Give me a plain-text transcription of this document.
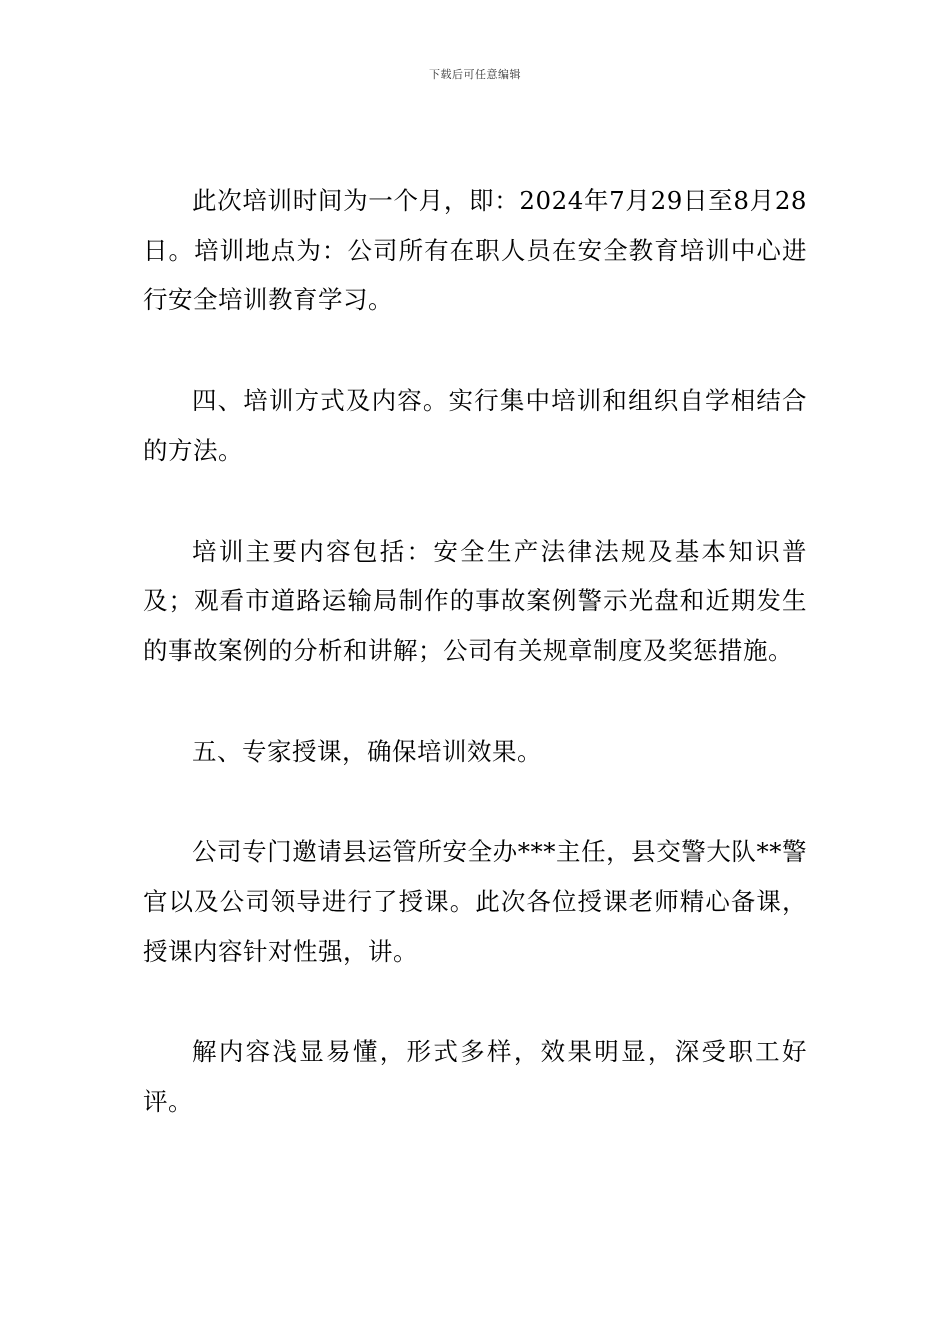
下载后可任意编辑

此次培训时间为一个月，即：2024年7月29日至8月28日。培训地点为：公司所有在职人员在安全教育培训中心进行安全培训教育学习。

四、培训方式及内容。实行集中培训和组织自学相结合的方法。

培训主要内容包括：安全生产法律法规及基本知识普及；观看市道路运输局制作的事故案例警示光盘和近期发生的事故案例的分析和讲解；公司有关规章制度及奖惩措施。

五、专家授课，确保培训效果。

公司专门邀请县运管所安全办***主任，县交警大队**警官以及公司领导进行了授课。此次各位授课老师精心备课，授课内容针对性强，讲。

解内容浅显易懂，形式多样，效果明显，深受职工好评。
